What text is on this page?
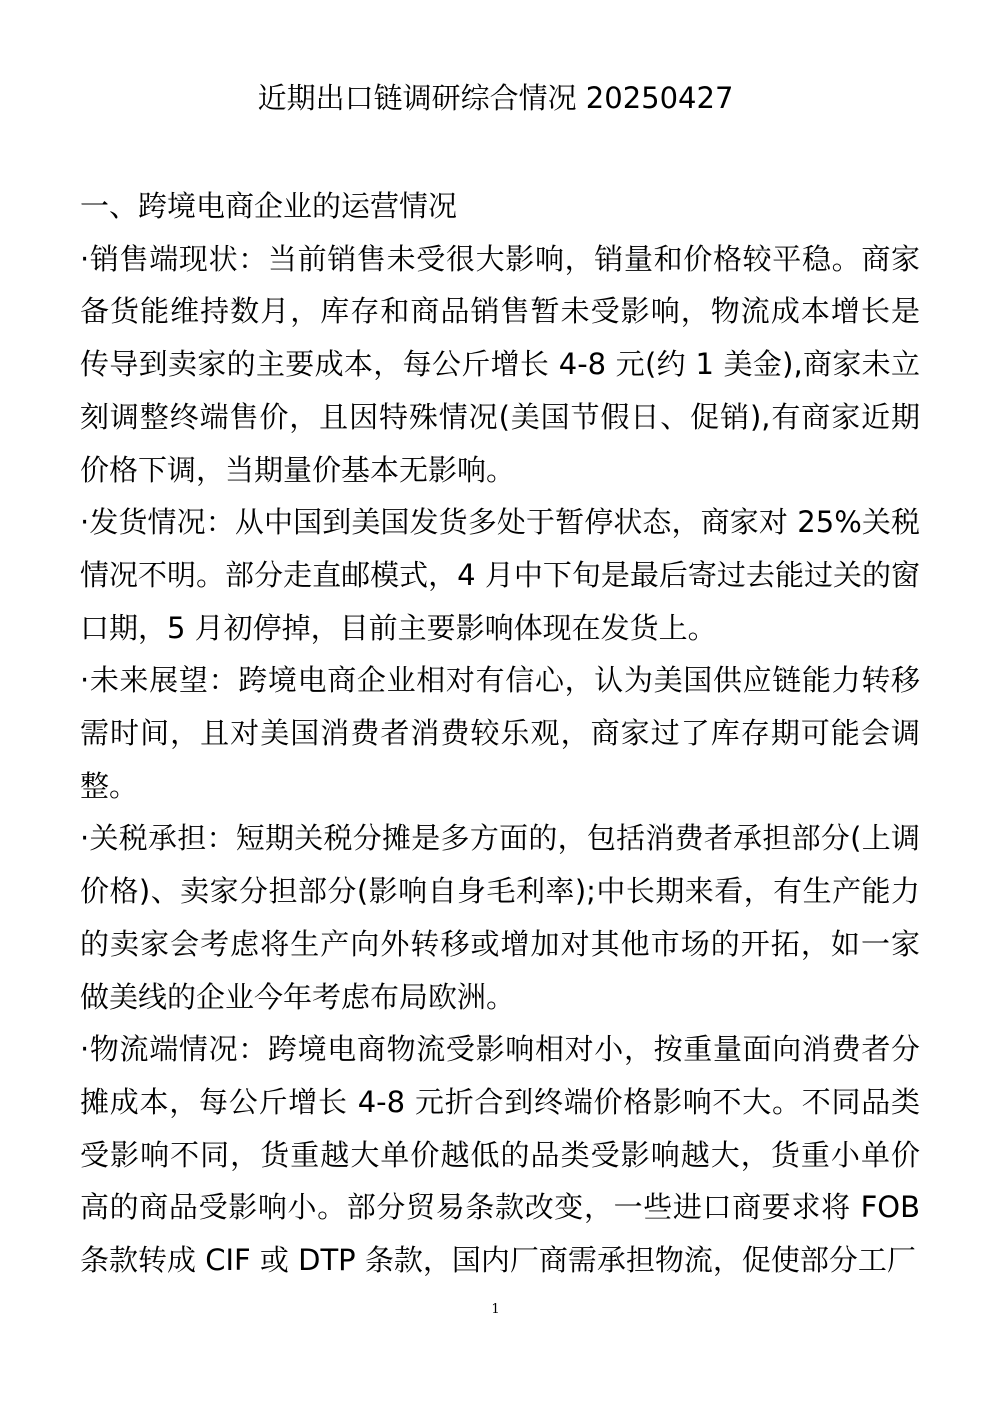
近期出口链调研综合情况 20250427

一、跨境电商企业的运营情况

·销售端现状：当前销售未受很大影响，销量和价格较平稳。商家备货能维持数月，库存和商品销售暂未受影响，物流成本增长是传导到卖家的主要成本，每公斤增长 4-8 元(约 1 美金),商家未立刻调整终端售价，且因特殊情况(美国节假日、促销),有商家近期价格下调，当期量价基本无影响。

·发货情况：从中国到美国发货多处于暂停状态，商家对 25%关税情况不明。部分走直邮模式，4 月中下旬是最后寄过去能过关的窗口期，5 月初停掉，目前主要影响体现在发货上。

·未来展望：跨境电商企业相对有信心，认为美国供应链能力转移需时间，且对美国消费者消费较乐观，商家过了库存期可能会调整。

·关税承担：短期关税分摊是多方面的，包括消费者承担部分(上调价格)、卖家分担部分(影响自身毛利率);中长期来看，有生产能力的卖家会考虑将生产向外转移或增加对其他市场的开拓，如一家做美线的企业今年考虑布局欧洲。

·物流端情况：跨境电商物流受影响相对小，按重量面向消费者分摊成本，每公斤增长 4-8 元折合到终端价格影响不大。不同品类受影响不同，货重越大单价越低的品类受影响越大，货重小单价高的商品受影响小。部分贸易条款改变，一些进口商要求将 FOB 条款转成 CIF 或 DTP 条款，国内厂商需承担物流，促使部分工厂

1
